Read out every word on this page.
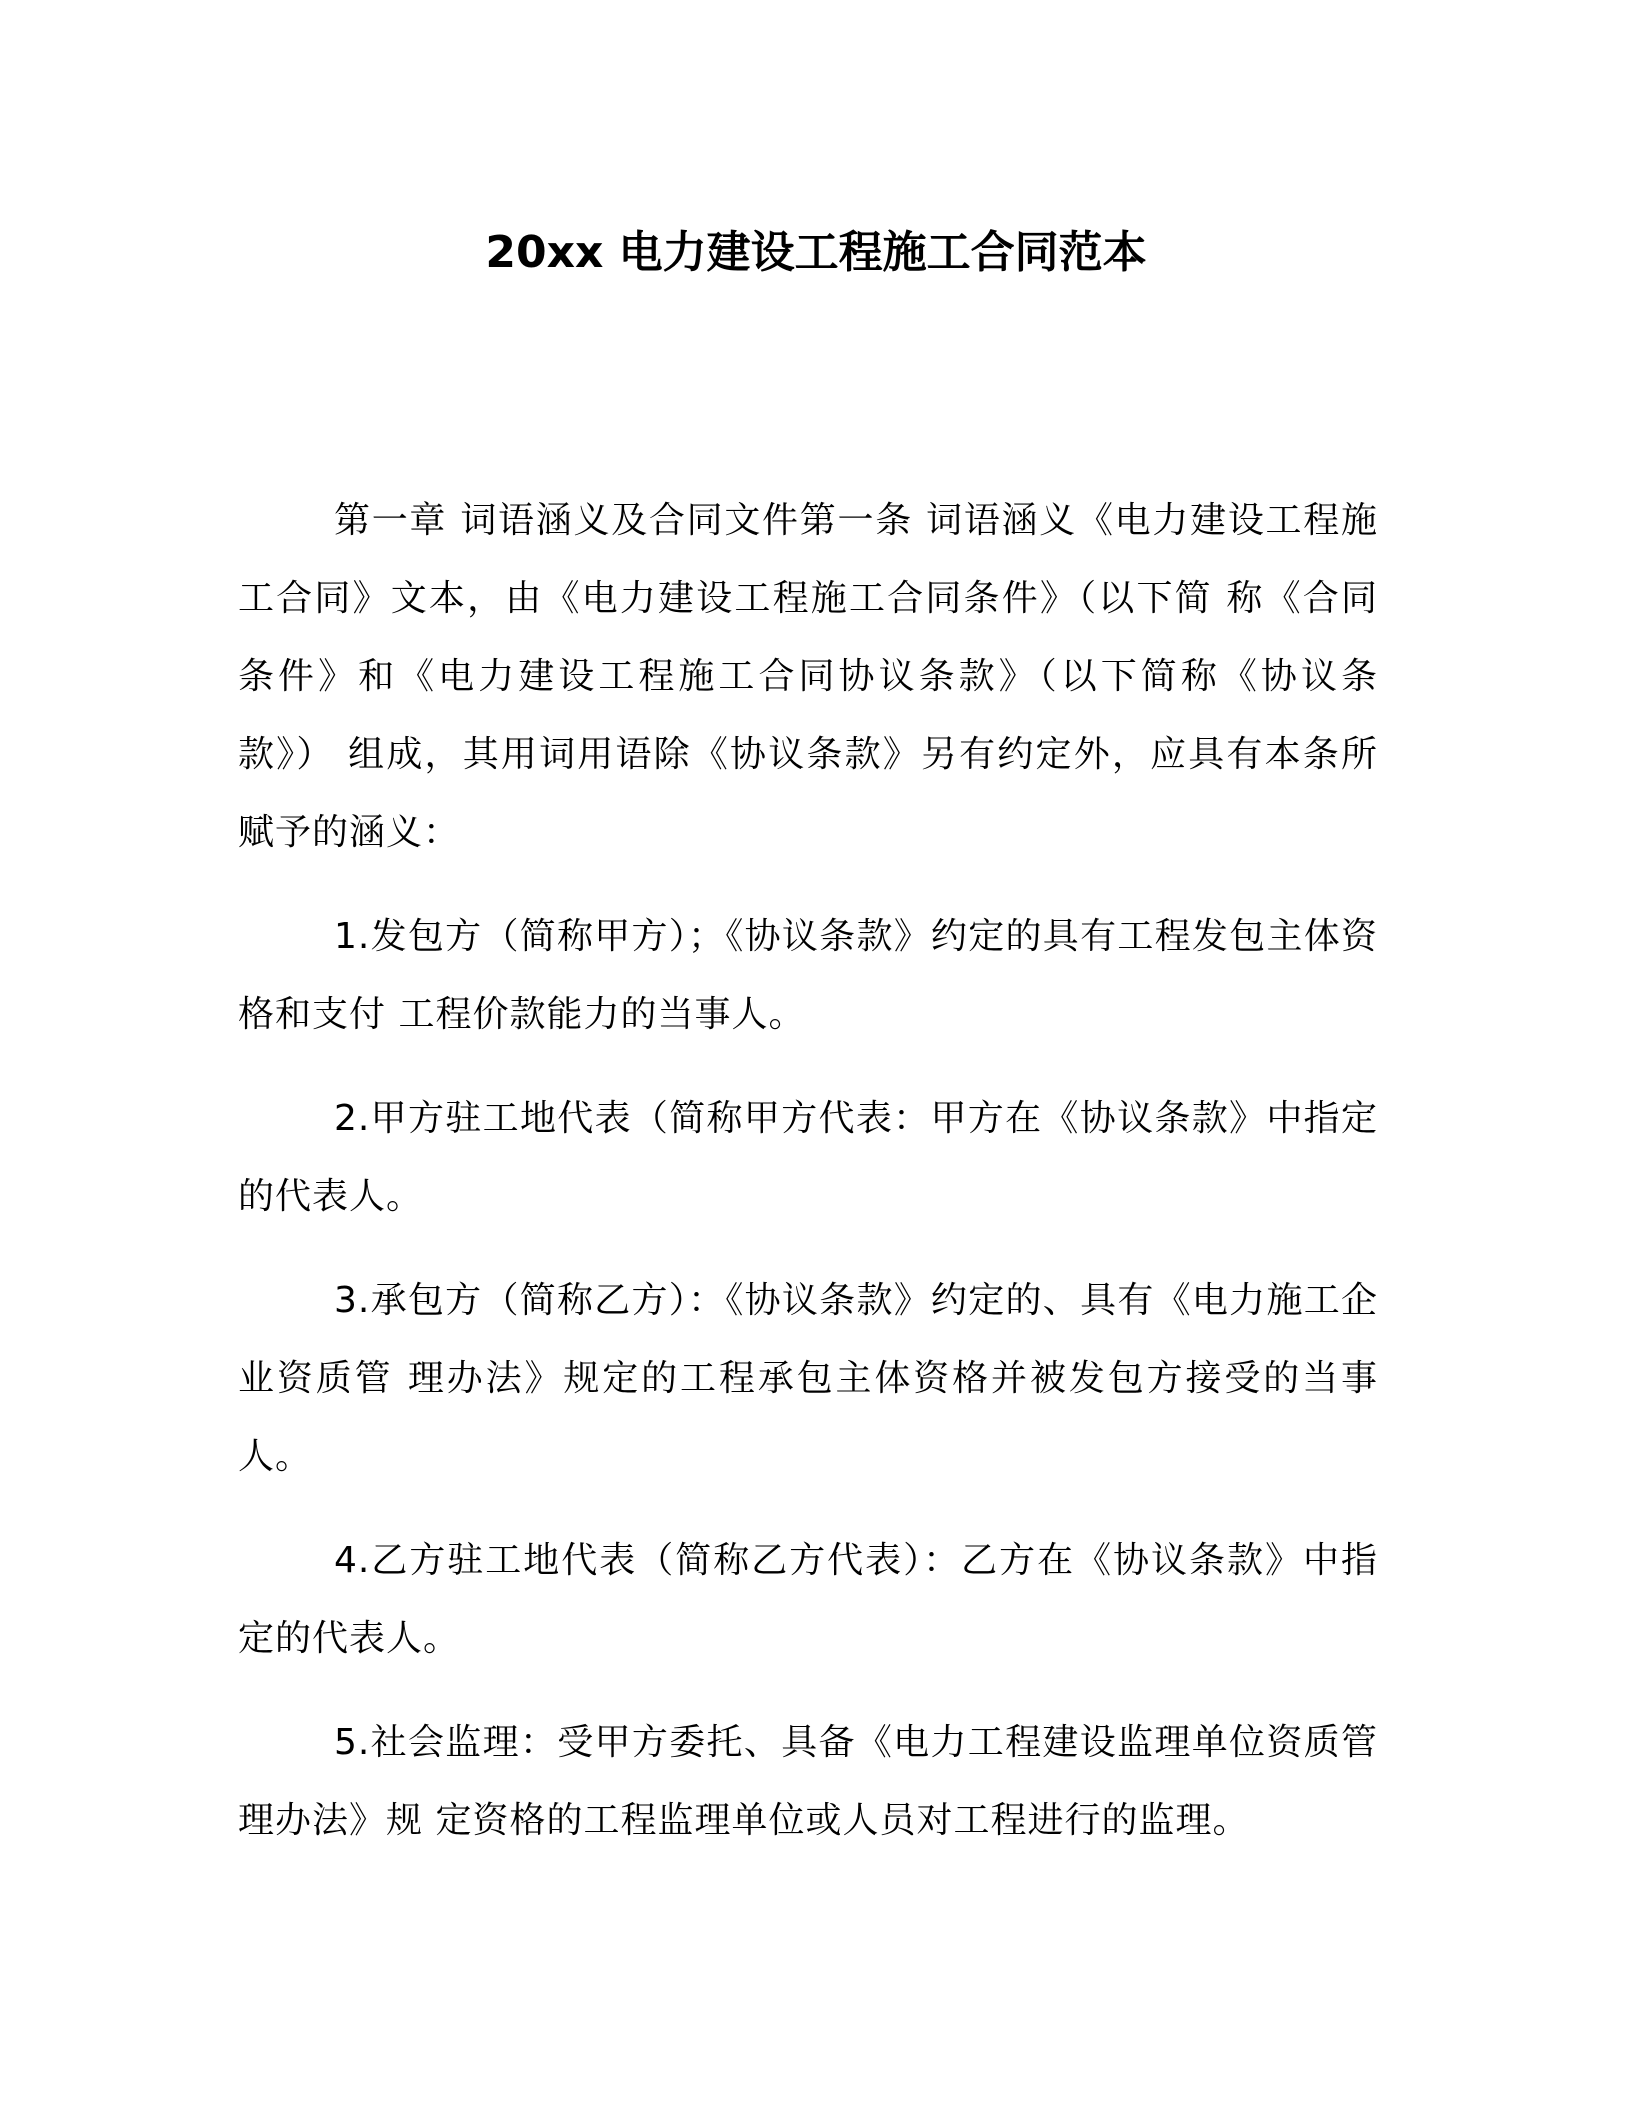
20xx 电力建设工程施工合同范本

第一章 词语涵义及合同文件第一条 词语涵义《电力建设工程施工合同》文本，由《电力建设工程施工合同条件》（以下简 称《合同条件》和《电力建设工程施工合同协议条款》（以下简称《协议条款》） 组成，其用词用语除《协议条款》另有约定外，应具有本条所赋予的涵义：

1.发包方（简称甲方）；《协议条款》约定的具有工程发包主体资格和支付 工程价款能力的当事人。

2.甲方驻工地代表（简称甲方代表：甲方在《协议条款》中指定的代表人。

3.承包方（简称乙方）：《协议条款》约定的、具有《电力施工企业资质管 理办法》规定的工程承包主体资格并被发包方接受的当事人。

4.乙方驻工地代表（简称乙方代表）：乙方在《协议条款》中指定的代表人。

5.社会监理：受甲方委托、具备《电力工程建设监理单位资质管理办法》规 定资格的工程监理单位或人员对工程进行的监理。
